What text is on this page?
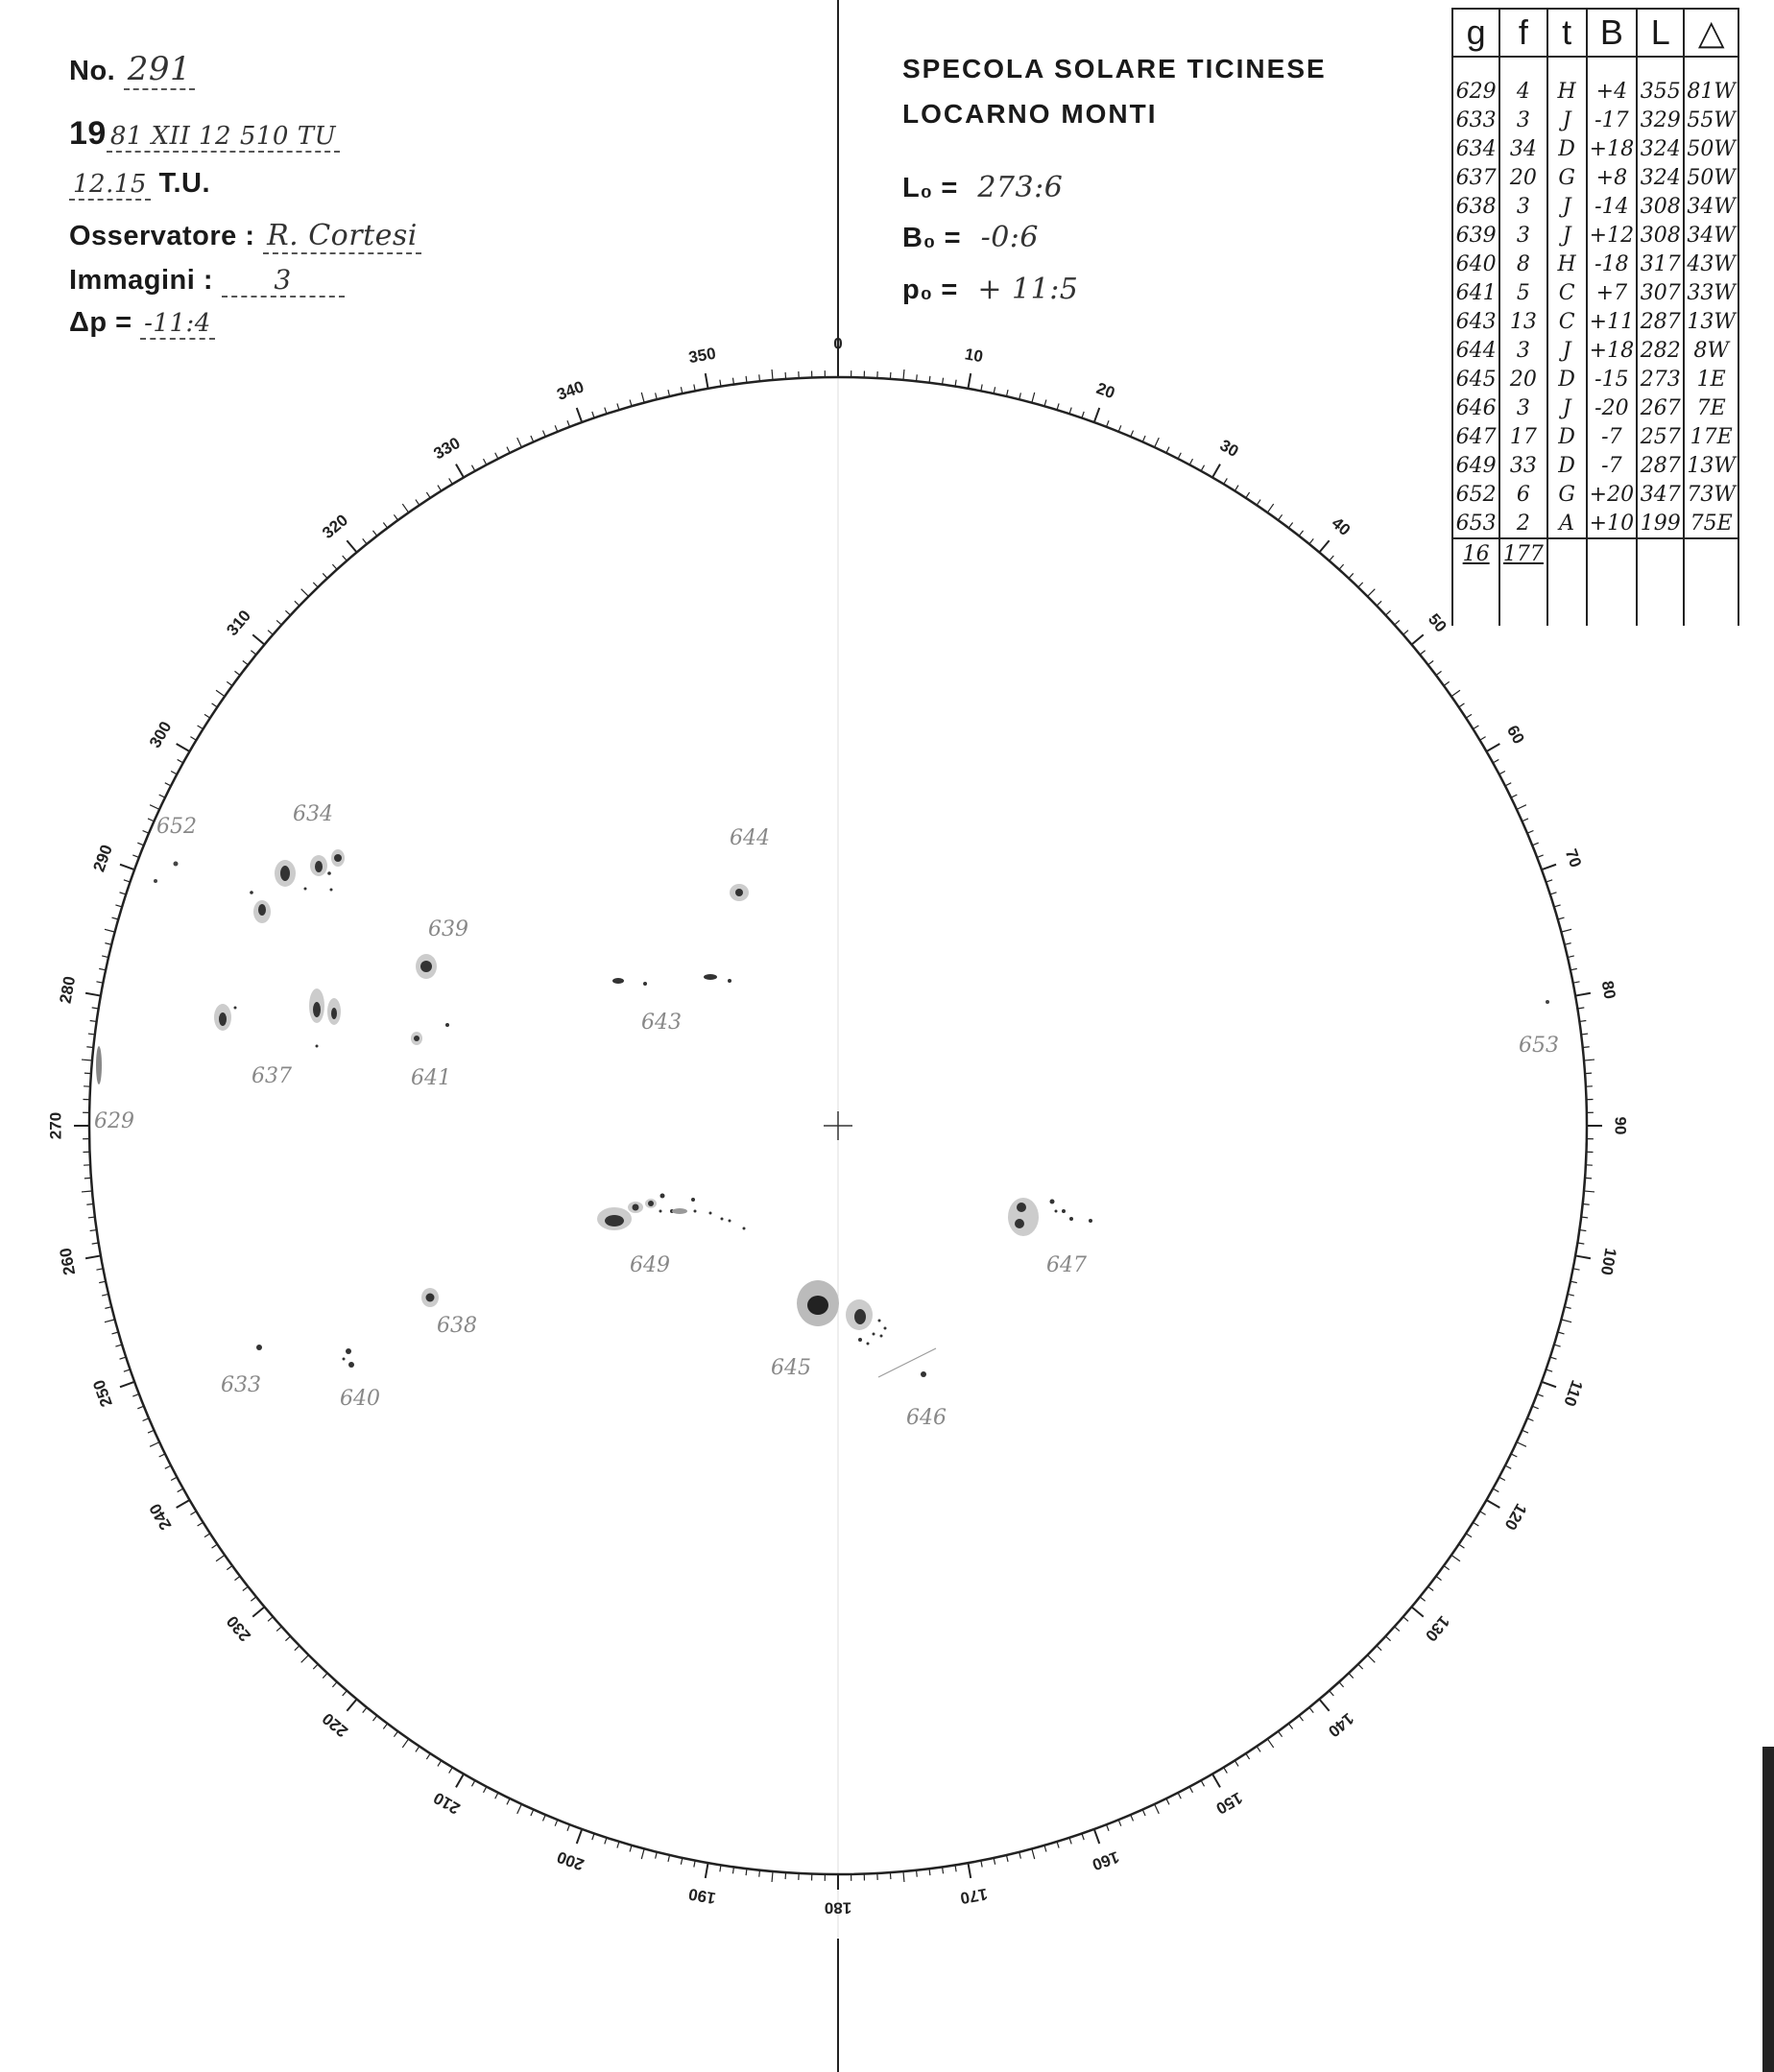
No. 291
19 81 XII 12 510 TU
12.15 T.U.
Osservatore : R. Cortesi
Immagini : 3
Δp = -11:4
SPECOLA SOLARE TICINESE
LOCARNO MONTI
L₀ = 273:6
B₀ = -0:6
p₀ = + 11:5
0
10
20
30
40
50
60
70
80
90
100
110
120
130
140
150
160
170
180
190
200
210
220
230
240
250
260
270
280
290
300
310
320
330
340
350
629
633
634
637
638
639
640
641
643
644
645
646
647
649
652
653
g	f	t	B	L	△
629	4	H	+4	355	81W
633	3	J	-17	329	55W
634	34	D	+18	324	50W
637	20	G	+8	324	50W
638	3	J	-14	308	34W
639	3	J	+12	308	34W
640	8	H	-18	317	43W
641	5	C	+7	307	33W
643	13	C	+11	287	13W
644	3	J	+18	282	8W
645	20	D	-15	273	1E
646	3	J	-20	267	7E
647	17	D	-7	257	17E
649	33	D	-7	287	13W
652	6	G	+20	347	73W
653	2	A	+10	199	75E
16	177				
